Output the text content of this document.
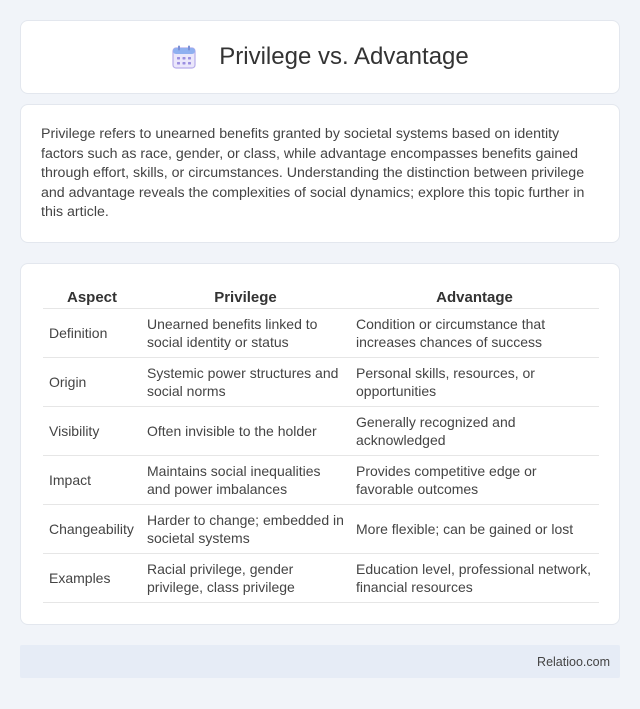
Privilege vs. Advantage

Privilege refers to unearned benefits granted by societal systems based on identity factors such as race, gender, or class, while advantage encompasses benefits gained through effort, skills, or circumstances. Understanding the distinction between privilege and advantage reveals the complexities of social dynamics; explore this topic further in this article.

Aspect	Privilege	Advantage
Definition	Unearned benefits linked to social identity or status	Condition or circumstance that increases chances of success
Origin	Systemic power structures and social norms	Personal skills, resources, or opportunities
Visibility	Often invisible to the holder	Generally recognized and acknowledged
Impact	Maintains social inequalities and power imbalances	Provides competitive edge or favorable outcomes
Changeability	Harder to change; embedded in societal systems	More flexible; can be gained or lost
Examples	Racial privilege, gender privilege, class privilege	Education level, professional network, financial resources
Relatioo.com
